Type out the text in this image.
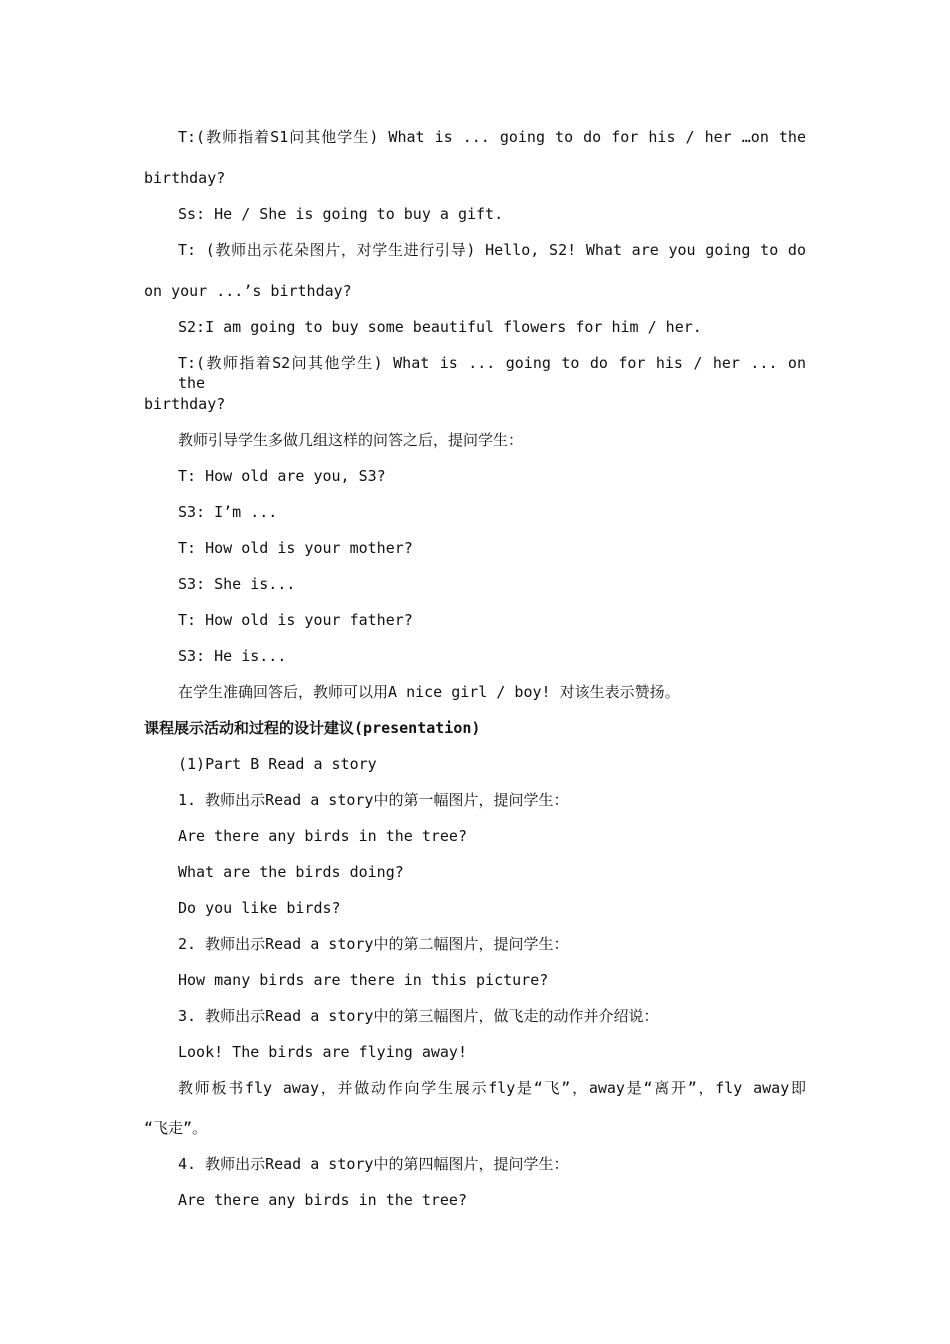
T:(教师指着S1问其他学生) What is ... going to do for his / her …on the
birthday?
Ss: He / She is going to buy a gift.
T: (教师出示花朵图片，对学生进行引导) Hello, S2! What are you going to do
on your ...’s birthday?
S2:I am going to buy some beautiful flowers for him / her.
T:(教师指着S2问其他学生) What is ... going to do for his / her ... on the
birthday?
教师引导学生多做几组这样的问答之后，提问学生：
T: How old are you, S3?
S3: I’m ...
T: How old is your mother?
S3: She is...
T: How old is your father?
S3: He is...
在学生准确回答后，教师可以用A nice girl / boy! 对该生表示赞扬。
课程展示活动和过程的设计建议(presentation)
(1)Part B Read a story
1. 教师出示Read a story中的第一幅图片，提问学生：
Are there any birds in the tree?
What are the birds doing?
Do you like birds?
2. 教师出示Read a story中的第二幅图片，提问学生：
How many birds are there in this picture?
3. 教师出示Read a story中的第三幅图片，做飞走的动作并介绍说：
Look! The birds are flying away!
教师板书fly away，并做动作向学生展示fly是“飞”，away是“离开”，fly away即
“飞走”。
4. 教师出示Read a story中的第四幅图片，提问学生：
Are there any birds in the tree?
